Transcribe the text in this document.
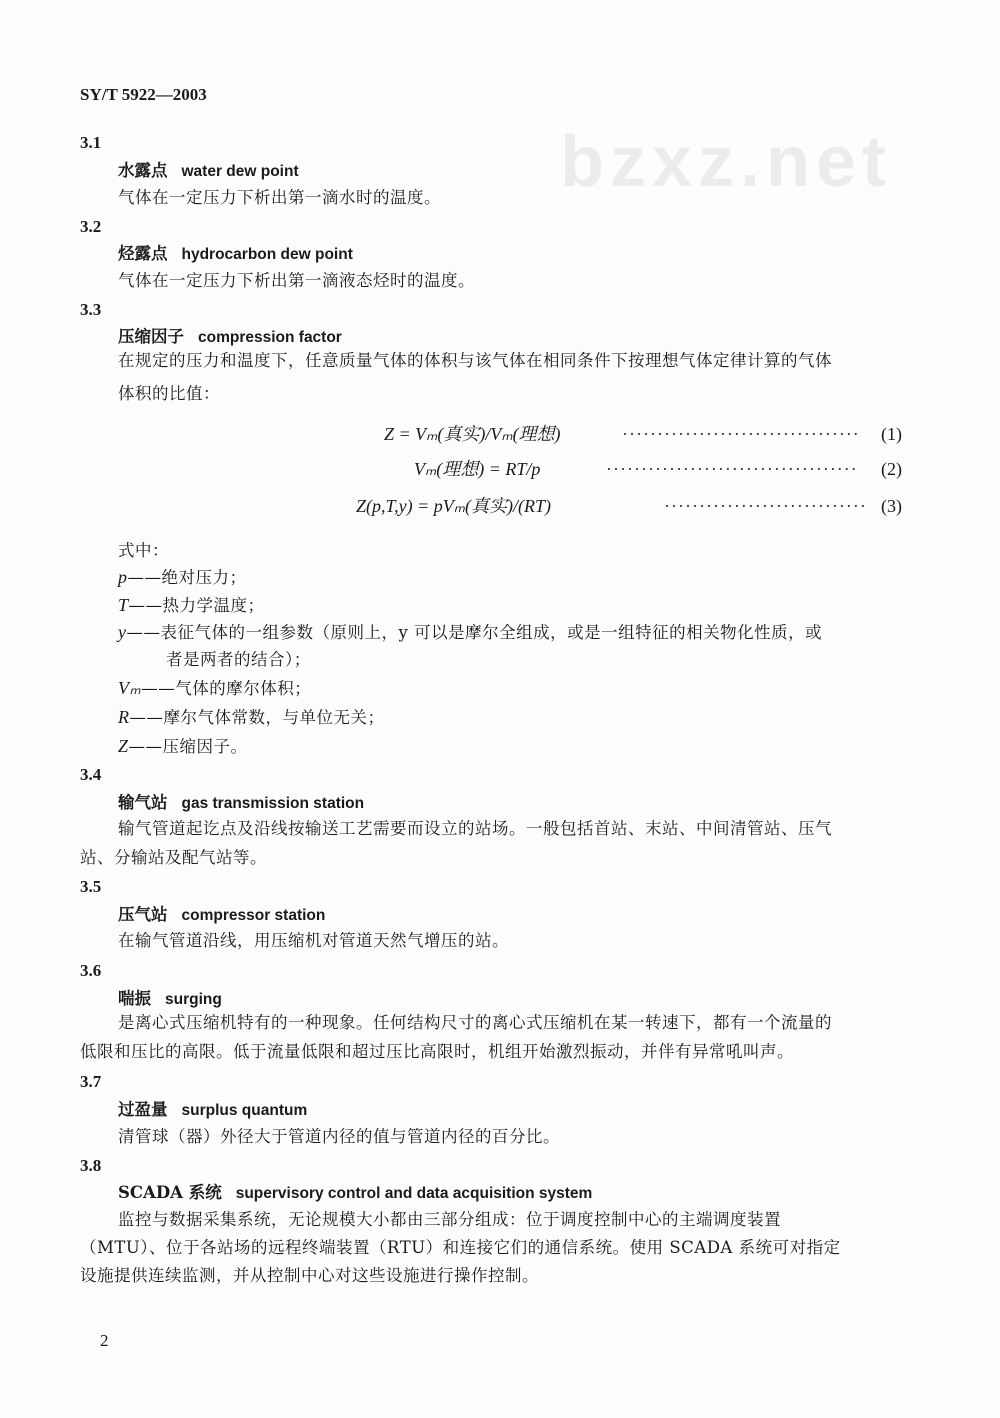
bzxz.net
SY/T 5922—2003
3.1
水露点 water dew point
气体在一定压力下析出第一滴水时的温度。
3.2
烃露点 hydrocarbon dew point
气体在一定压力下析出第一滴液态烃时的温度。
3.3
压缩因子 compression factor
在规定的压力和温度下，任意质量气体的体积与该气体在相同条件下按理想气体定律计算的气体
体积的比值：
Z = Vₘ(真实)/Vₘ(理想)	·································· (1)
Vₘ(理想) = RT/p	···································· (2)
Z(p,T,y) = pVₘ(真实)/(RT)	····························· (3)
式中：
p——绝对压力；
T——热力学温度；
y——表征气体的一组参数（原则上，y 可以是摩尔全组成，或是一组特征的相关物化性质，或
者是两者的结合）；
Vₘ——气体的摩尔体积；
R——摩尔气体常数，与单位无关；
Z——压缩因子。
3.4
输气站 gas transmission station
输气管道起讫点及沿线按输送工艺需要而设立的站场。一般包括首站、末站、中间清管站、压气
站、分输站及配气站等。
3.5
压气站 compressor station
在输气管道沿线，用压缩机对管道天然气增压的站。
3.6
喘振 surging
是离心式压缩机特有的一种现象。任何结构尺寸的离心式压缩机在某一转速下，都有一个流量的
低限和压比的高限。低于流量低限和超过压比高限时，机组开始激烈振动，并伴有异常吼叫声。
3.7
过盈量 surplus quantum
清管球（器）外径大于管道内径的值与管道内径的百分比。
3.8
SCADA 系统 supervisory control and data acquisition system
监控与数据采集系统，无论规模大小都由三部分组成：位于调度控制中心的主端调度装置
（MTU）、位于各站场的远程终端装置（RTU）和连接它们的通信系统。使用 SCADA 系统可对指定
设施提供连续监测，并从控制中心对这些设施进行操作控制。
2
